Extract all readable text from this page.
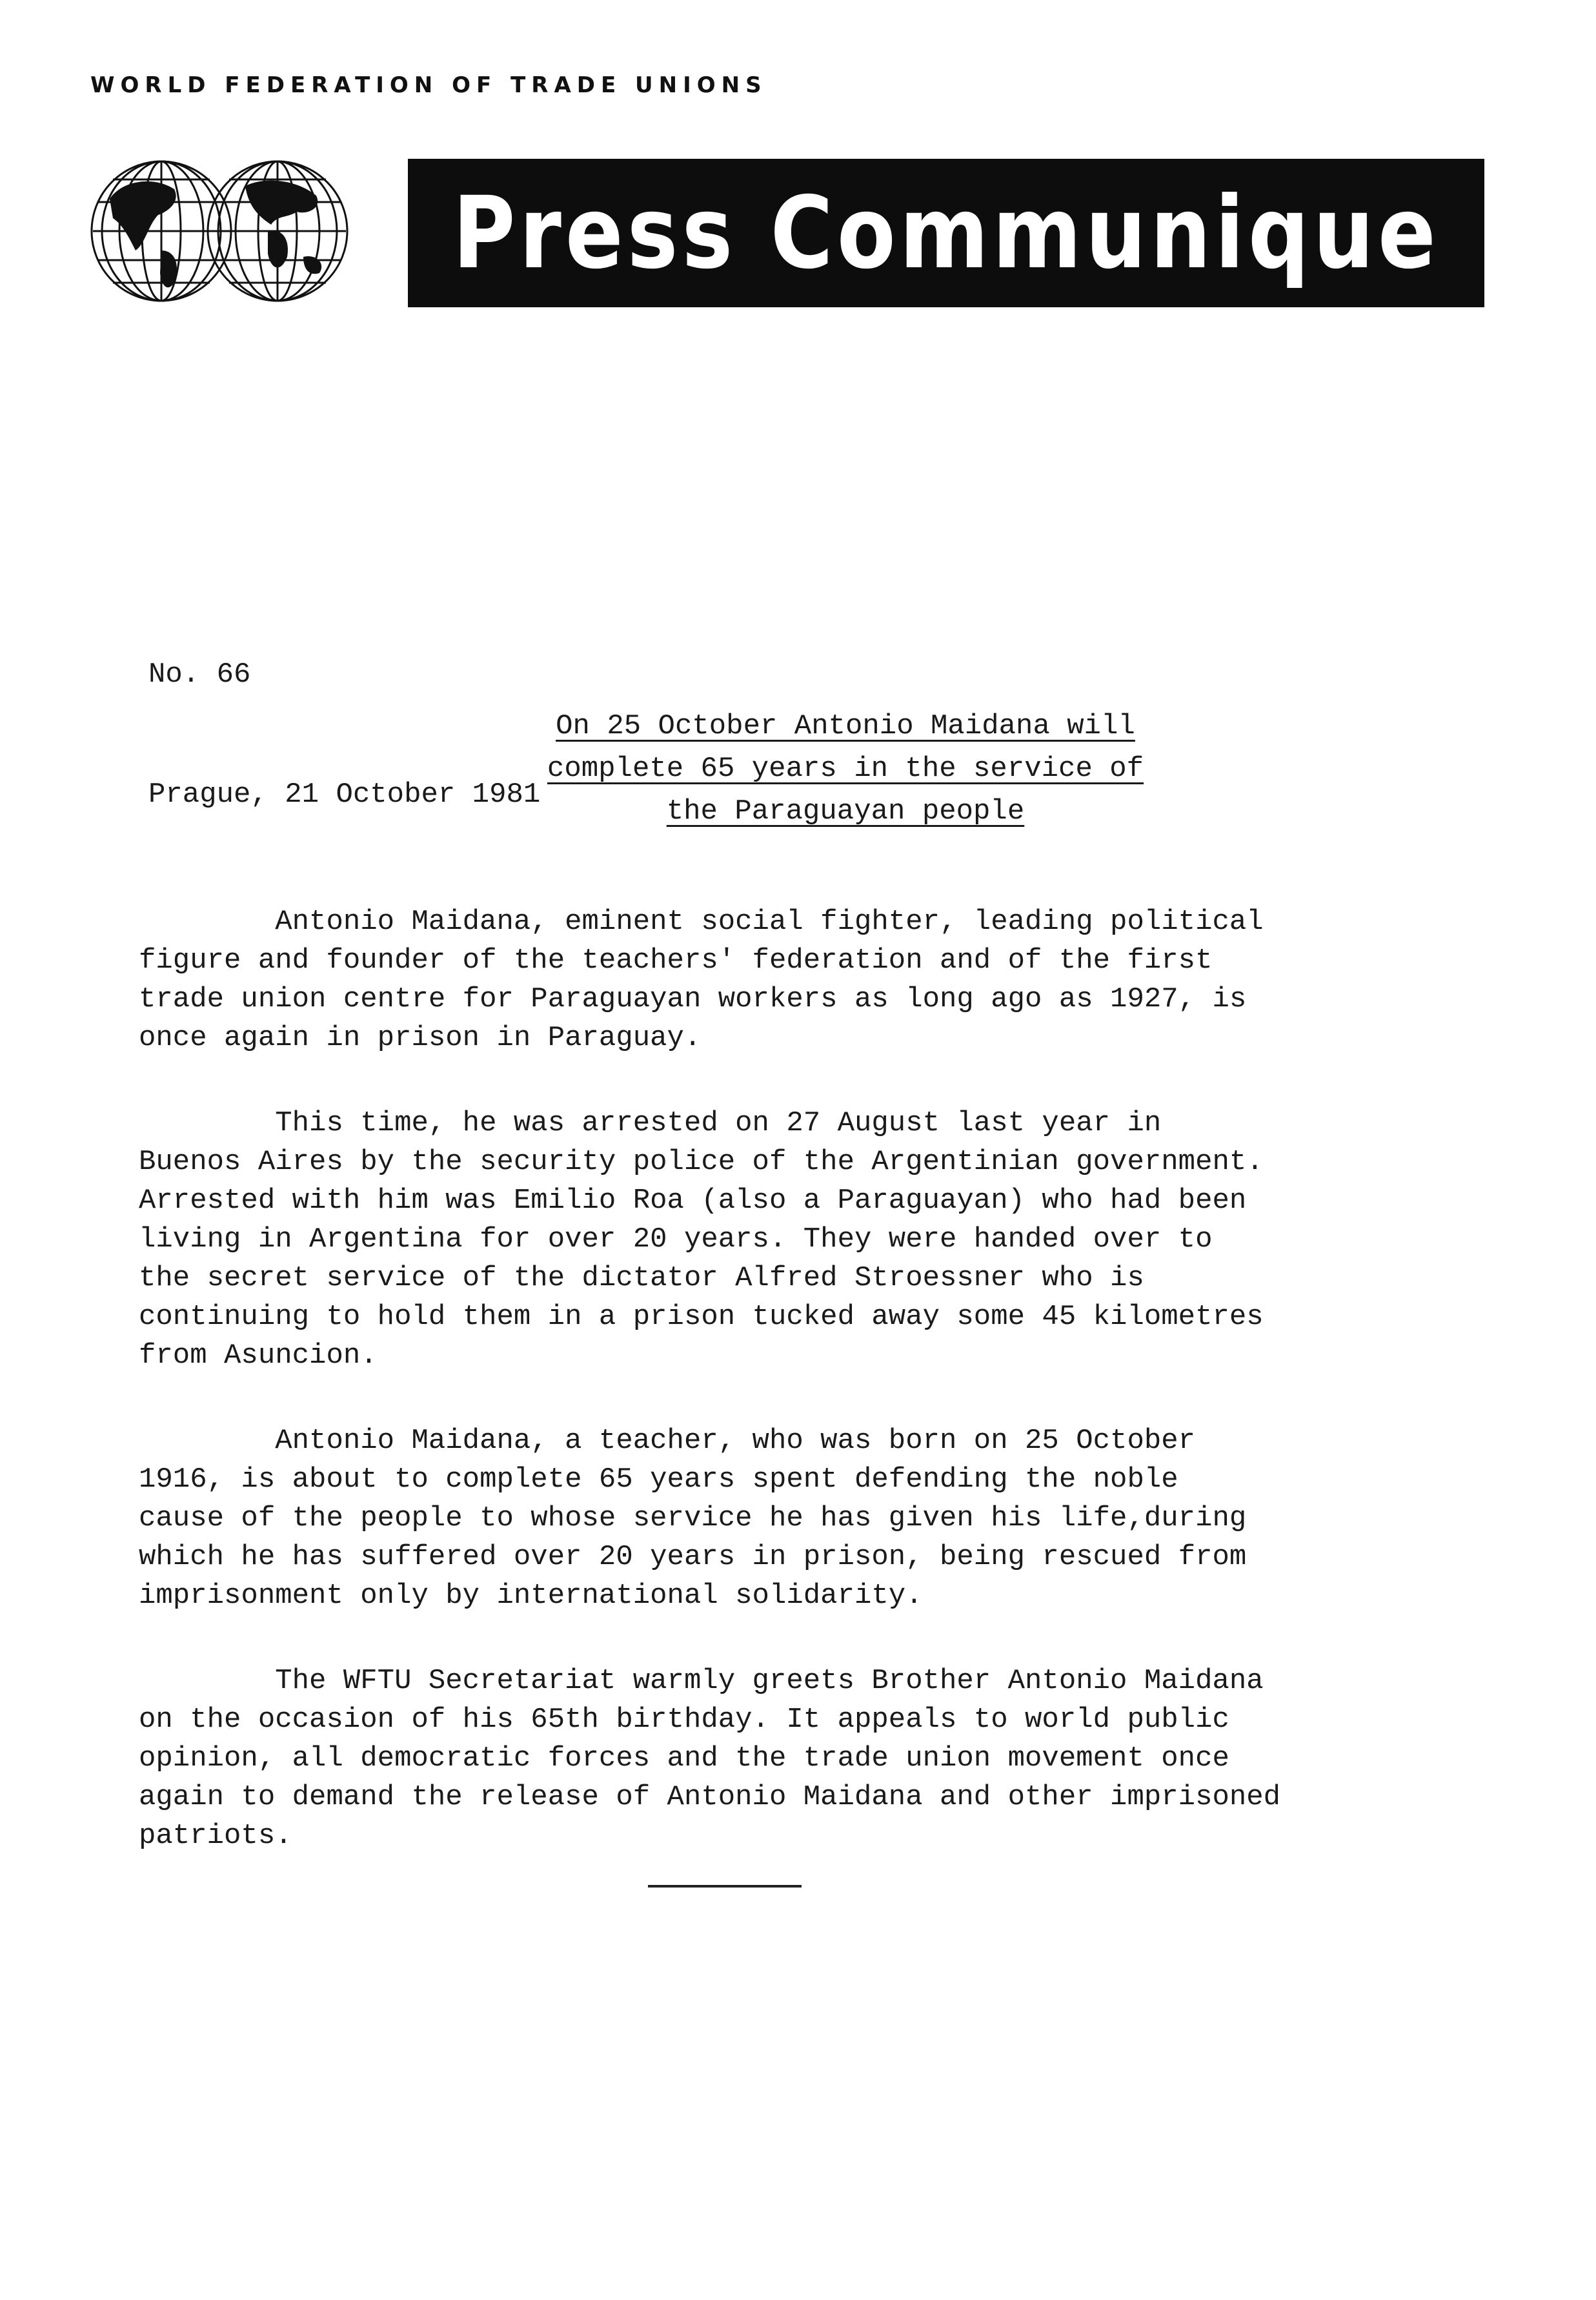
WORLD FEDERATION OF TRADE UNIONS
Press Communique

No. 66

Prague, 21 October 1981

On 25 October Antonio Maidana will
complete 65 years in the service of
the Paraguayan people
Antonio Maidana, eminent social fighter, leading political
figure and founder of the teachers' federation and of the first
trade union centre for Paraguayan workers as long ago as 1927, is
once again in prison in Paraguay.
This time, he was arrested on 27 August last year in
Buenos Aires by the security police of the Argentinian government.
Arrested with him was Emilio Roa (also a Paraguayan) who had been
living in Argentina for over 20 years. They were handed over to
the secret service of the dictator Alfred Stroessner who is
continuing to hold them in a prison tucked away some 45 kilometres
from Asuncion.
Antonio Maidana, a teacher, who was born on 25 October
1916, is about to complete 65 years spent defending the noble
cause of the people to whose service he has given his life,during
which he has suffered over 20 years in prison, being rescued from
imprisonment only by international solidarity.
The WFTU Secretariat warmly greets Brother Antonio Maidana
on the occasion of his 65th birthday. It appeals to world public
opinion, all democratic forces and the trade union movement once
again to demand the release of Antonio Maidana and other imprisoned
patriots.
